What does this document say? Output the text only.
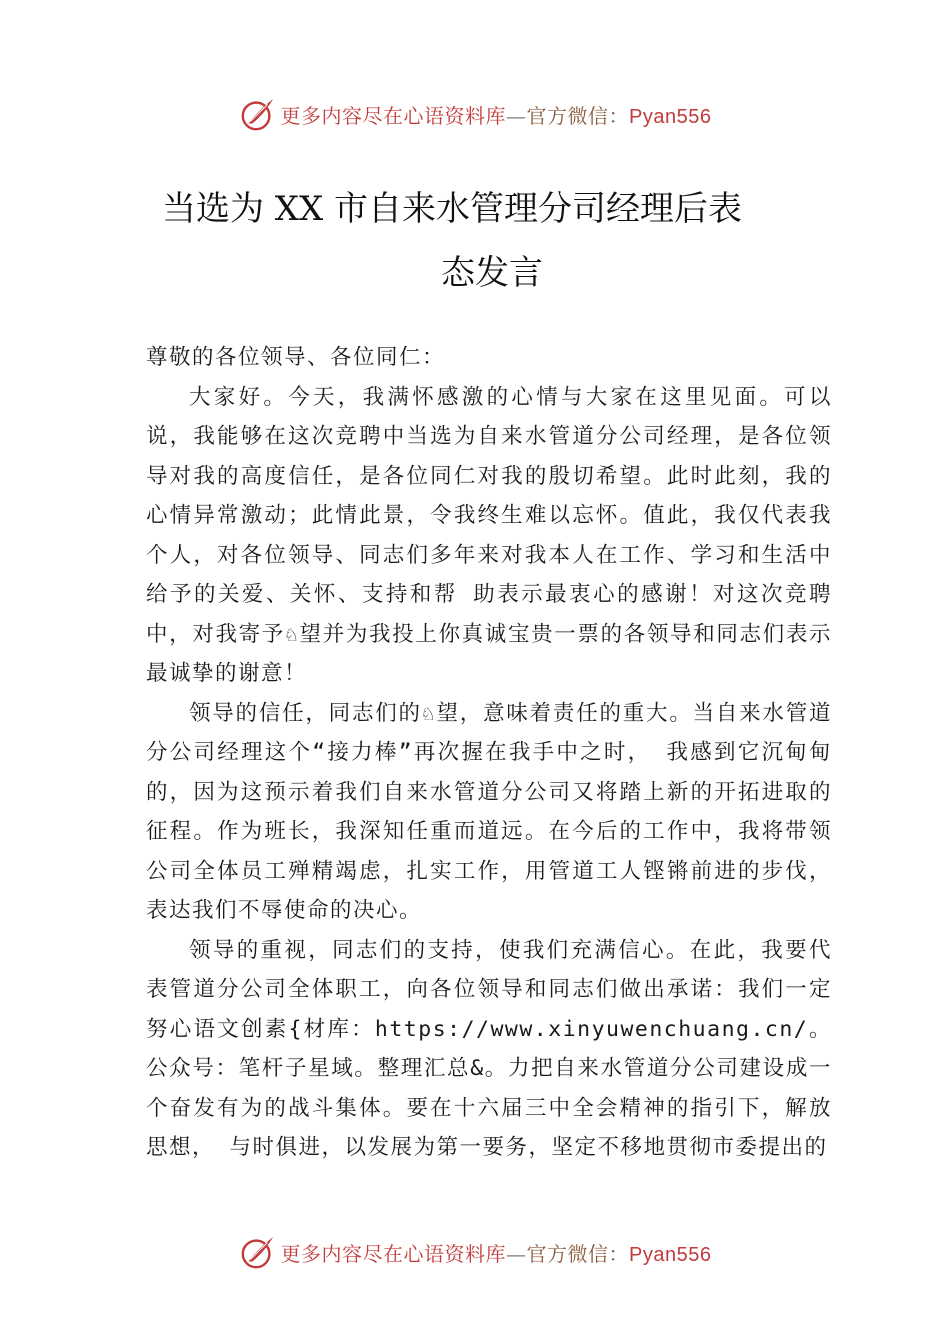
更多内容尽在心语资料库—官方微信：Pyan556
当选为 XX 市自来水管理分司经理后表
态发言

尊敬的各位领导、各位同仁：

大家好。今天，我满怀感激的心情与大家在这里见面。可以说，我能够在这次竞聘中当选为自来水管道分公司经理，是各位领导对我的高度信任，是各位同仁对我的殷切希望。此时此刻，我的心情异常激动；此情此景，令我终生难以忘怀。值此，我仅代表我个人，对各位领导、同志们多年来对我本人在工作、学习和生活中给予的关爱、关怀、支持和帮 助表示最衷心的感谢！对这次竞聘中，对我寄予♘望并为我投上你真诚宝贵一票的各领导和同志们表示最诚挚的谢意！

领导的信任，同志们的♘望，意味着责任的重大。当自来水管道分公司经理这个“接力棒”再次握在我手中之时， 我感到它沉甸甸的，因为这预示着我们自来水管道分公司又将踏上新的开拓进取的征程。作为班长，我深知任重而道远。在今后的工作中，我将带领公司全体员工殚精竭虑，扎实工作，用管道工人铿锵前进的步伐，表达我们不辱使命的决心。

领导的重视，同志们的支持，使我们充满信心。在此，我要代表管道分公司全体职工，向各位领导和同志们做出承诺：我们一定努心语文创素{材库：https://www.xinyuwenchuang.cn/。公众号：笔杆子星域。整理汇总&。力把自来水管道分公司建设成一个奋发有为的战斗集体。要在十六届三中全会精神的指引下，解放思想， 与时俱进，以发展为第一要务，坚定不移地贯彻市委提出的

更多内容尽在心语资料库—官方微信：Pyan556
